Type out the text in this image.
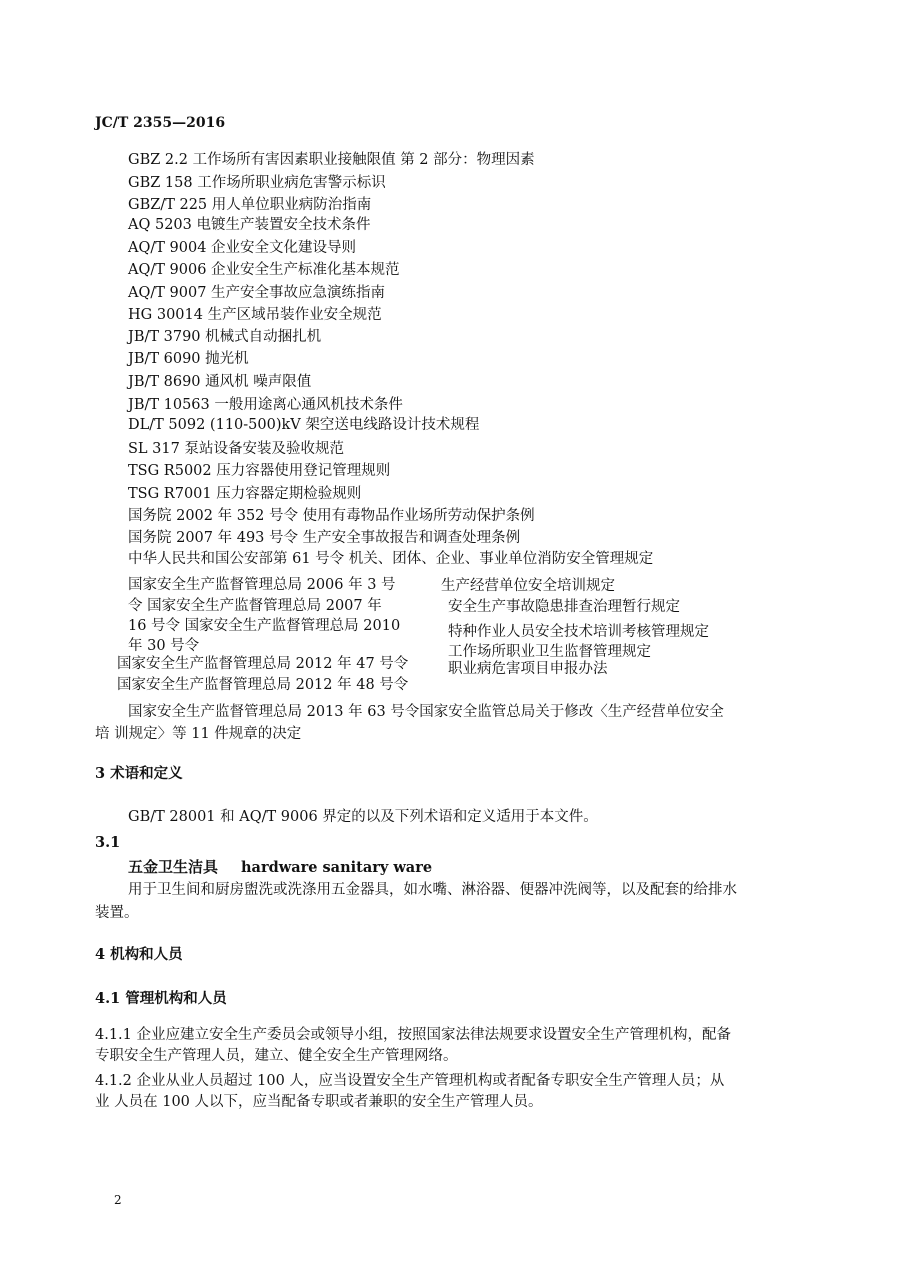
JC/T 2355—2016
GBZ 2.2 工作场所有害因素职业接触限值 第 2 部分：物理因素
GBZ 158 工作场所职业病危害警示标识
GBZ/T 225 用人单位职业病防治指南
AQ 5203 电镀生产装置安全技术条件
AQ/T 9004 企业安全文化建设导则
AQ/T 9006 企业安全生产标准化基本规范
AQ/T 9007 生产安全事故应急演练指南
HG 30014 生产区域吊装作业安全规范
JB/T 3790 机械式自动捆扎机
JB/T 6090 抛光机
JB/T 8690 通风机 噪声限值
JB/T 10563 一般用途离心通风机技术条件
DL/T 5092 (110-500)kV 架空送电线路设计技术规程
SL 317 泵站设备安装及验收规范
TSG R5002 压力容器使用登记管理规则
TSG R7001 压力容器定期检验规则
国务院 2002 年 352 号令 使用有毒物品作业场所劳动保护条例
国务院 2007 年 493 号令 生产安全事故报告和调查处理条例
中华人民共和国公安部第 61 号令 机关、团体、企业、事业单位消防安全管理规定
国家安全生产监督管理总局 2006 年 3 号
令 国家安全生产监督管理总局 2007 年
16 号令 国家安全生产监督管理总局 2010
年 30 号令
国家安全生产监督管理总局 2012 年 47 号令
国家安全生产监督管理总局 2012 年 48 号令
生产经营单位安全培训规定
安全生产事故隐患排查治理暂行规定
特种作业人员安全技术培训考核管理规定
工作场所职业卫生监督管理规定
职业病危害项目申报办法
国家安全生产监督管理总局 2013 年 63 号令国家安全监管总局关于修改〈生产经营单位安全
培 训规定〉等 11 件规章的决定
3 术语和定义
GB/T 28001 和 AQ/T 9006 界定的以及下列术语和定义适用于本文件。
3.1
五金卫生洁具 hardware sanitary ware
用于卫生间和厨房盥洗或洗涤用五金器具，如水嘴、淋浴器、便器冲洗阀等，以及配套的给排水
装置。
4 机构和人员
4.1 管理机构和人员
4.1.1 企业应建立安全生产委员会或领导小组，按照国家法律法规要求设置安全生产管理机构，配备
专职安全生产管理人员，建立、健全安全生产管理网络。
4.1.2 企业从业人员超过 100 人，应当设置安全生产管理机构或者配备专职安全生产管理人员；从
业 人员在 100 人以下，应当配备专职或者兼职的安全生产管理人员。
2
